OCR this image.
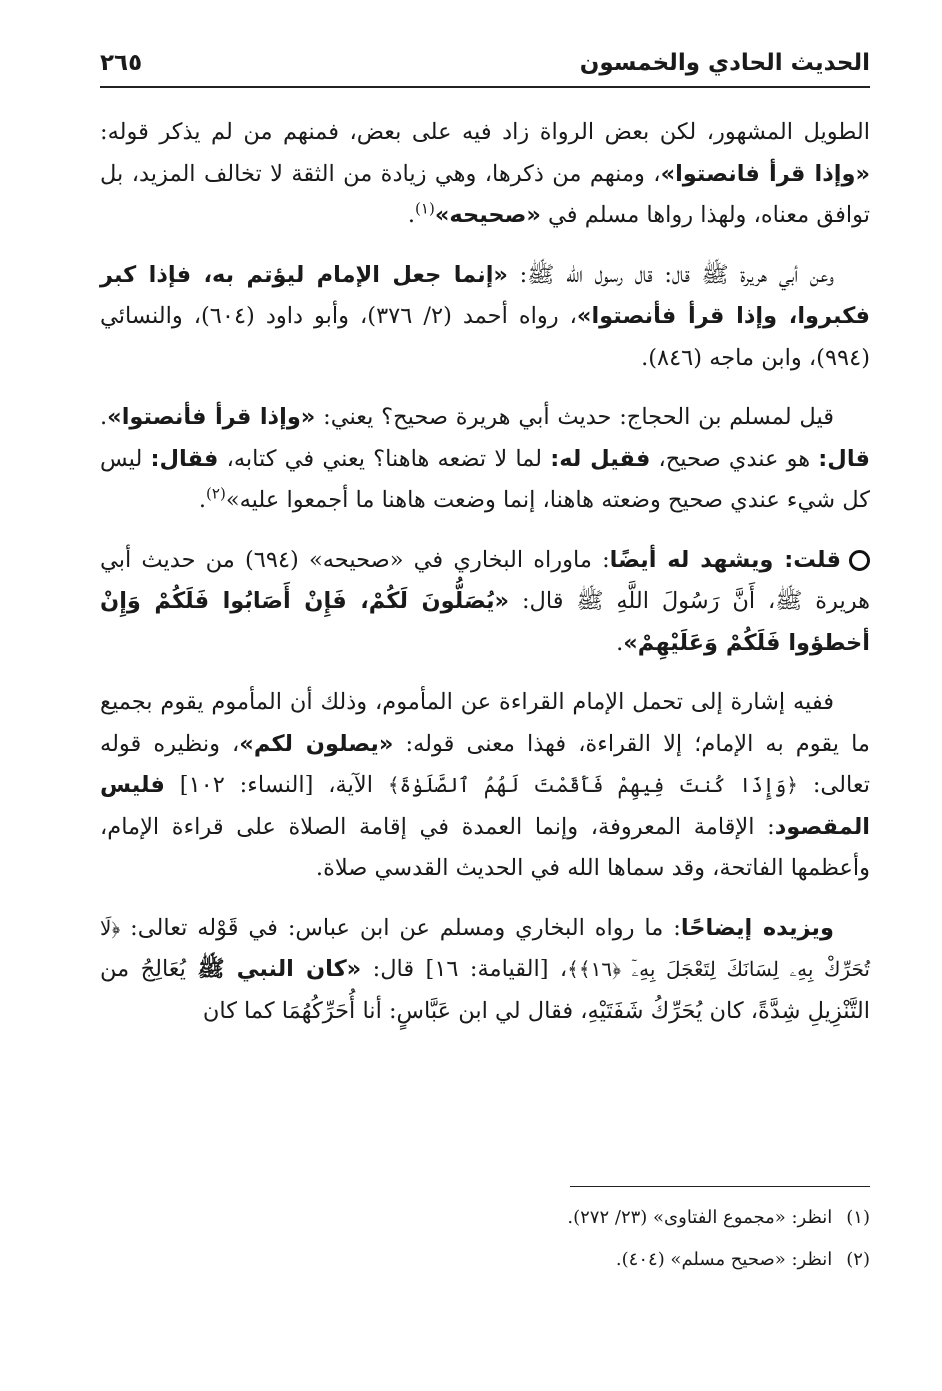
الحديث الحادي والخمسون
٢٦٥

الطويل المشهور، لكن بعض الرواة زاد فيه على بعض، فمنهم من لم يذكر قوله: «وإذا قرأ فانصتوا»، ومنهم من ذكرها، وهي زيادة من الثقة لا تخالف المزيد، بل توافق معناه، ولهذا رواها مسلم في «صحيحه»$^{(١)}$.

وعن أبي هريرة ﷺ قال: قال رسول الله ﷺ: «إنما جعل الإمام ليؤتم به، فإذا كبر فكبروا، وإذا قرأ فأنصتوا»، رواه أحمد (٢/ ٣٧٦)، وأبو داود (٦٠٤)، والنسائي (٩٩٤)، وابن ماجه (٨٤٦).

قيل لمسلم بن الحجاج: حديث أبي هريرة صحيح؟ يعني: «وإذا قرأ فأنصتوا». قال: هو عندي صحيح، فقيل له: لما لا تضعه هاهنا؟ يعني في كتابه، فقال: ليس كل شيء عندي صحيح وضعته هاهنا، إنما وضعت هاهنا ما أجمعوا عليه»$^{(٢)}$.

قلت: ويشهد له أيضًا: ماوراه البخاري في «صحيحه» (٦٩٤) من حديث أبي هريرة ﷺ، أَنَّ رَسُولَ اللَّهِ ﷺ قال: «يُصَلُّونَ لَكُمْ، فَإِنْ أَصَابُوا فَلَكُمْ وَإِنْ أخطؤوا فَلَكُمْ وَعَلَيْهِمْ».

ففيه إشارة إلى تحمل الإمام القراءة عن المأموم، وذلك أن المأموم يقوم بجميع ما يقوم به الإمام؛ إلا القراءة، فهذا معنى قوله: «يصلون لكم»، ونظيره قوله تعالى: ﴿وَإِذَا كُنتَ فِيهِمْ فَأَقَمْتَ لَهُمُ ٱلصَّلَوٰةَ﴾ الآية، [النساء: ١٠٢] فليس المقصود: الإقامة المعروفة، وإنما العمدة في إقامة الصلاة على قراءة الإمام، وأعظمها الفاتحة، وقد سماها الله في الحديث القدسي صلاة.

ويزيده إيضاحًا: ما رواه البخاري ومسلم عن ابن عباس: في قَوْله تعالى: ﴿لَا تُحَرِّكْ بِهِۦ لِسَانَكَ لِتَعْجَلَ بِهِۦٓ ﴿١٦﴾﴾، [القيامة: ١٦] قال: «كان النبي ﷺ يُعَالِجُ من التَّنْزِيلِ شِدَّةً، كان يُحَرِّكُ شَفَتَيْهِ، فقال لي ابن عَبَّاسٍ: أنا أُحَرِّكُهُمَا كما كان

(١)
انظر: «مجموع الفتاوى» (٢٣/ ٢٧٢).
(٢)
انظر: «صحيح مسلم» (٤٠٤).
